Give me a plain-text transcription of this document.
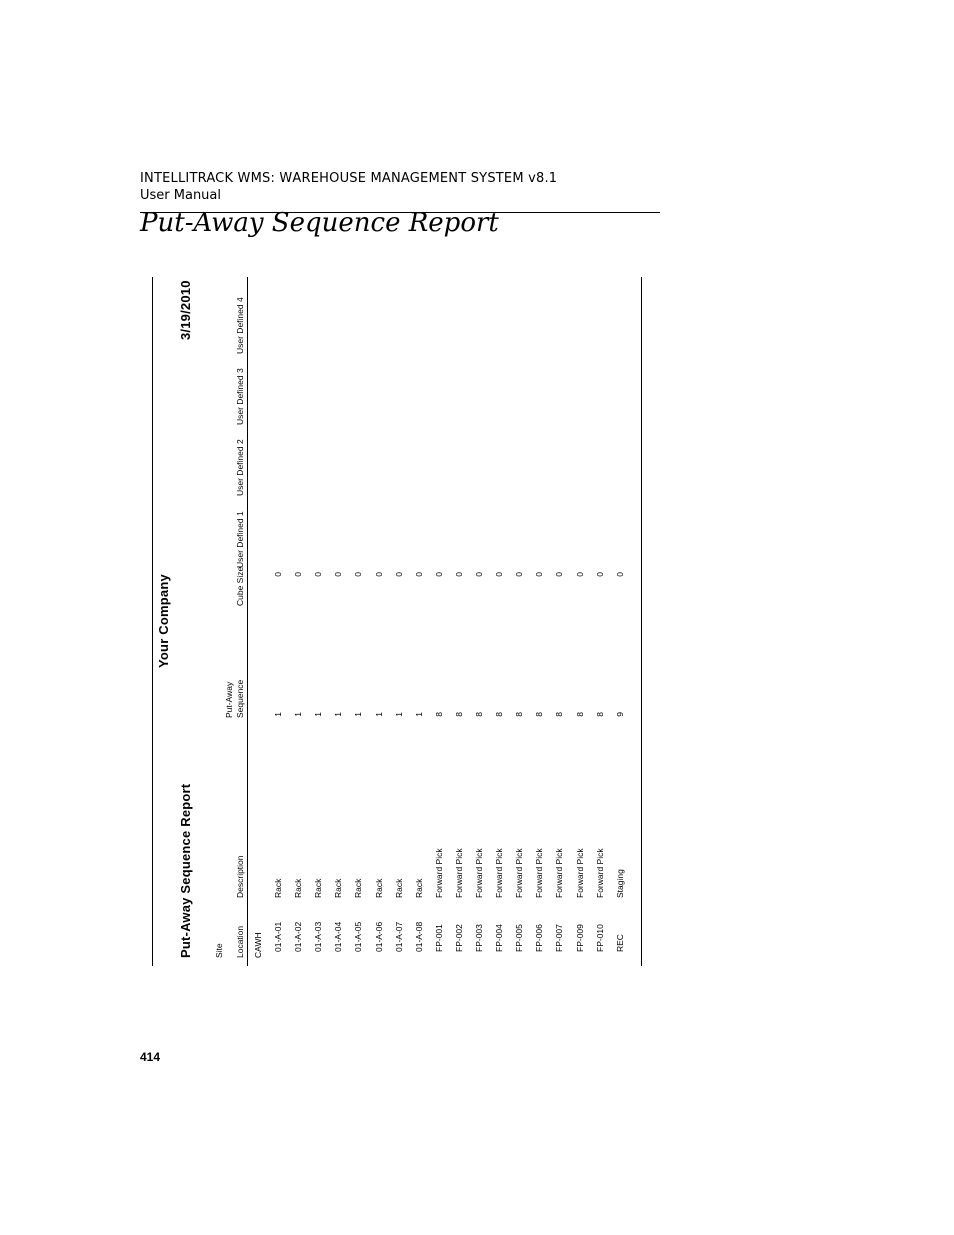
INTELLITRACK WMS: WAREHOUSE MANAGEMENT SYSTEM v8.1
User Manual
Put-Away Sequence Report
Put-Away Sequence Report
Your Company
3/19/2010
Site Location
Description
Put-Away Sequence
Cube Size
User Defined 1
User Defined 2
User Defined 3
User Defined 4
CAWH 01-A-01
Rack
1
0
01-A-02
Rack
1
0
01-A-03
Rack
1
0
01-A-04
Rack
1
0
01-A-05
Rack
1
0
01-A-06
Rack
1
0
01-A-07
Rack
1
0
01-A-08
Rack
1
0
FP-001
Forward Pick
8
0
FP-002
Forward Pick
8
0
FP-003
Forward Pick
8
0
FP-004
Forward Pick
8
0
FP-005
Forward Pick
8
0
FP-006
Forward Pick
8
0
FP-007
Forward Pick
8
0
FP-009
Forward Pick
8
0
FP-010
Forward Pick
8
0
REC
Staging
9
0
414
